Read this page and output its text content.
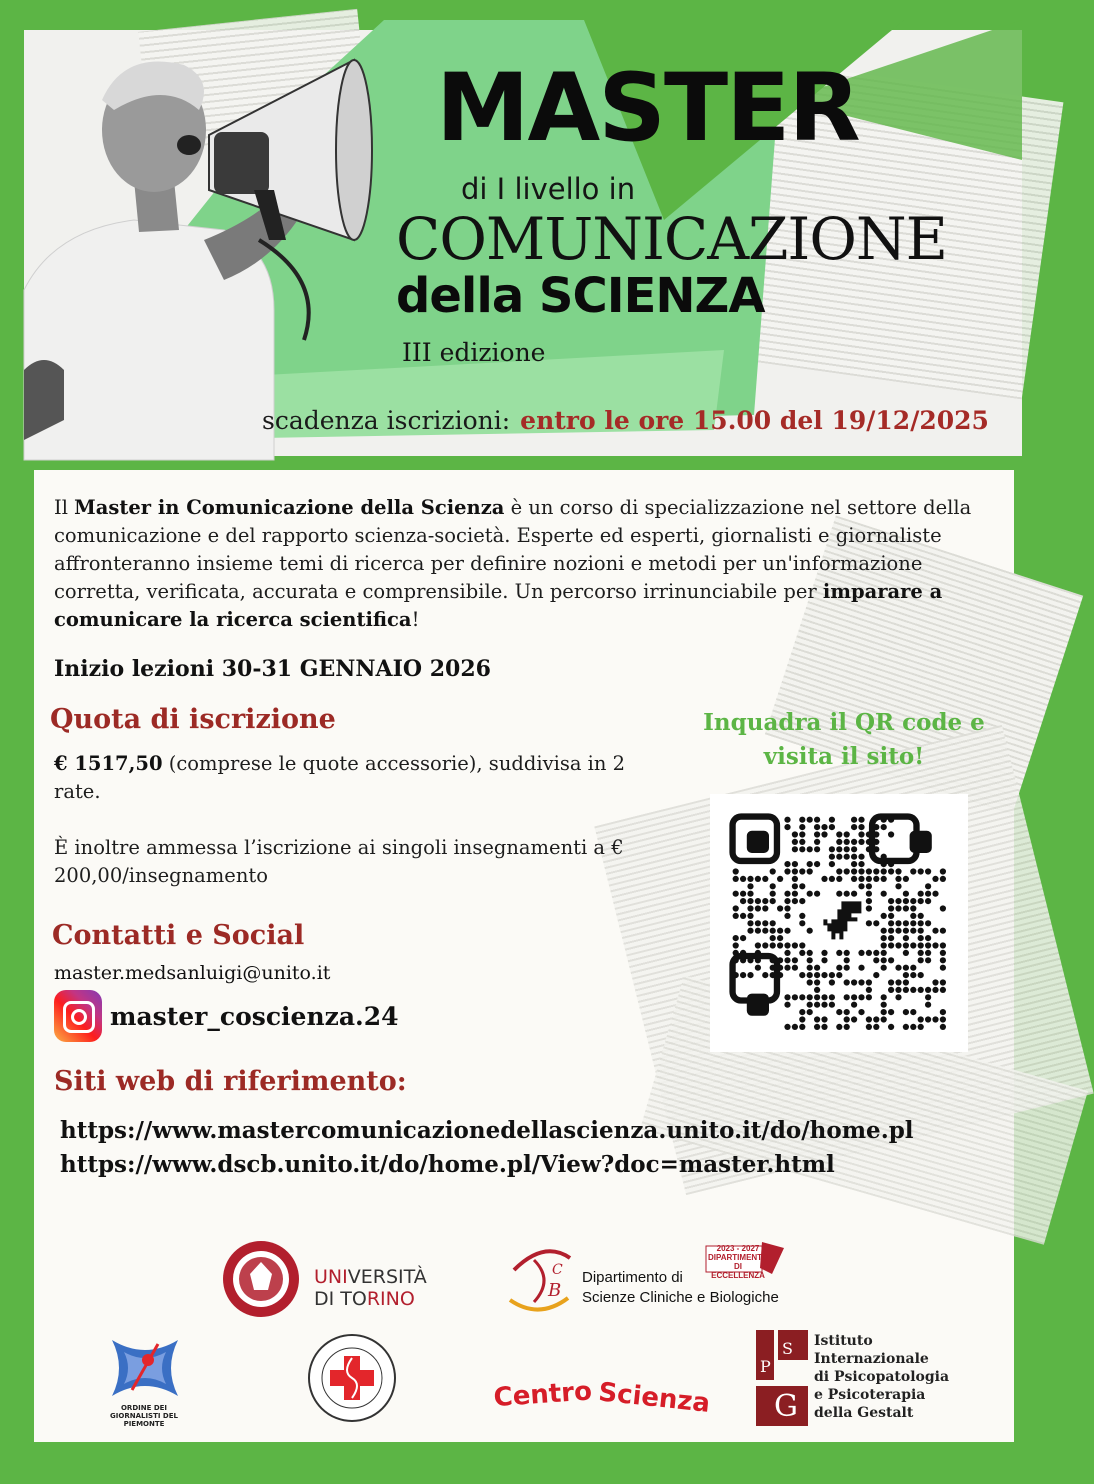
MASTER
di I livello in
COMUNICAZIONE
della SCIENZA
III edizione
scadenza iscrizioni: entro le ore 15.00 del 19/12/2025

Il Master in Comunicazione della Scienza è un corso di specializzazione nel settore della comunicazione e del rapporto scienza-società. Esperte ed esperti, giornalisti e giornaliste affronteranno insieme temi di ricerca per definire nozioni e metodi per un'informazione corretta, verificata, accurata e comprensibile. Un percorso irrinunciabile per imparare a comunicare la ricerca scientifica!

Inizio lezioni 30-31 GENNAIO 2026
Quota di iscrizione

€ 1517,50 (comprese le quote accessorie), suddivisa in 2 rate.

È inoltre ammessa l’iscrizione ai singoli insegnamenti a € 200,00/insegnamento

Contatti e Social
master.medsanluigi@unito.it
master_coscienza.24
Siti web di riferimento:
https://www.mastercomunicazionedellascienza.unito.it/do/home.pl
https://www.dscb.unito.it/do/home.pl/View?doc=master.html
Inquadra il QR code e visita il sito!
UNIVERSITÀ
DI TORINO	B
C Dipartimento di
Scienze Cliniche e Biologiche
2023 - 2027 DIPARTIMENTO DI ECCELLENZA
ORDINE DEI GIORNALISTI DEL PIEMONTE
Centro Scienza
P
S
G
Istituto
Internazionale
di Psicopatologia
e Psicoterapia
della Gestalt
